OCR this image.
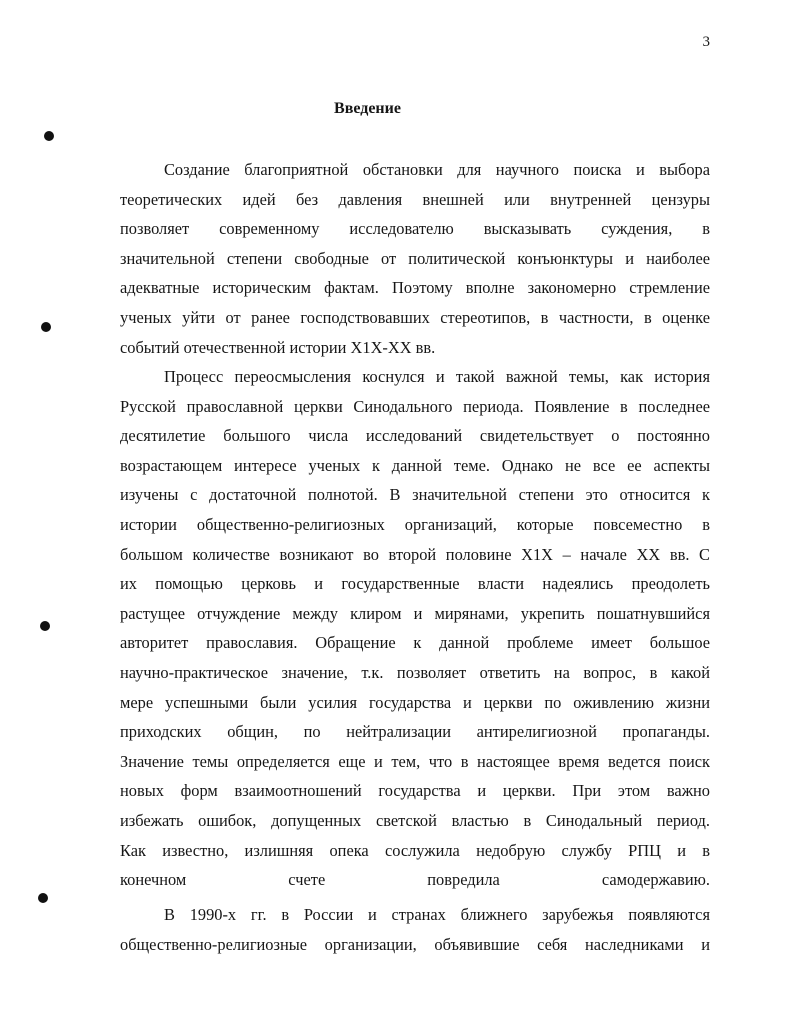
3
Введение
Создание благоприятной обстановки для научного поиска и выбора
теоретических идей без давления внешней или внутренней цензуры
позволяет современному исследователю высказывать суждения, в
значительной степени свободные от политической конъюнктуры и наиболее
адекватные историческим фактам. Поэтому вполне закономерно стремление
ученых уйти от ранее господствовавших стереотипов, в частности, в оценке
событий отечественной истории X1X-XX вв.
Процесс переосмысления коснулся и такой важной темы, как история
Русской православной церкви Синодального периода. Появление в последнее
десятилетие большого числа исследований свидетельствует о постоянно
возрастающем интересе ученых к данной теме. Однако не все ее аспекты
изучены с достаточной полнотой. В значительной степени это относится к
истории общественно-религиозных организаций, которые повсеместно в
большом количестве возникают во второй половине X1X – начале XX вв. С
их помощью церковь и государственные власти надеялись преодолеть
растущее отчуждение между клиром и мирянами, укрепить пошатнувшийся
авторитет православия. Обращение к данной проблеме имеет большое
научно-практическое значение, т.к. позволяет ответить на вопрос, в какой
мере успешными были усилия государства и церкви по оживлению жизни
приходских общин, по нейтрализации антирелигиозной пропаганды.
Значение темы определяется еще и тем, что в настоящее время ведется поиск
новых форм взаимоотношений государства и церкви. При этом важно
избежать ошибок, допущенных светской властью в Синодальный период.
Как известно, излишняя опека сослужила недобрую службу РПЦ и в
конечном счете повредила самодержавию.
В 1990-х гг. в России и странах ближнего зарубежья появляются
общественно-религиозные организации, объявившие себя наследниками и
